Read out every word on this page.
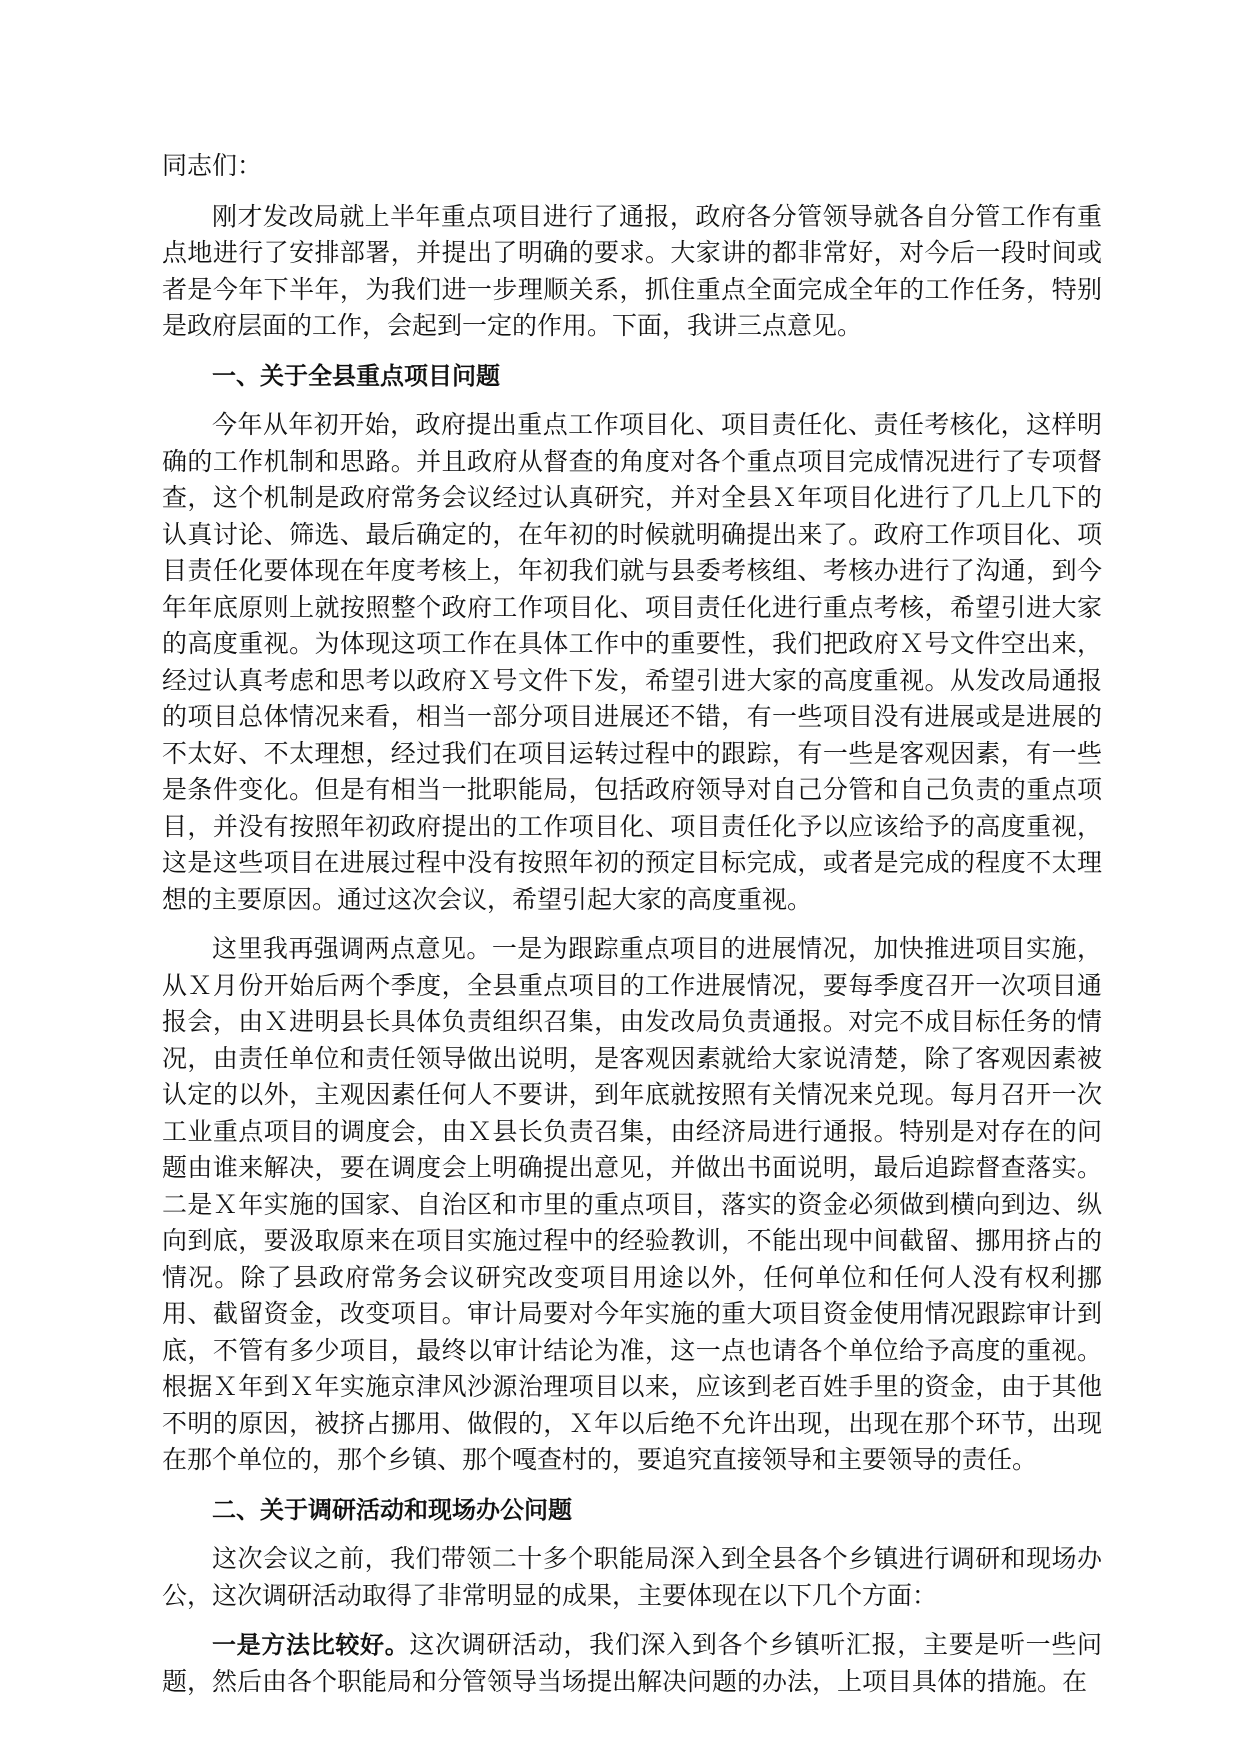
同志们：

刚才发改局就上半年重点项目进行了通报，政府各分管领导就各自分管工作有重点地进行了安排部署，并提出了明确的要求。大家讲的都非常好，对今后一段时间或者是今年下半年，为我们进一步理顺关系，抓住重点全面完成全年的工作任务，特别是政府层面的工作，会起到一定的作用。下面，我讲三点意见。

一、关于全县重点项目问题

今年从年初开始，政府提出重点工作项目化、项目责任化、责任考核化，这样明确的工作机制和思路。并且政府从督查的角度对各个重点项目完成情况进行了专项督查，这个机制是政府常务会议经过认真研究，并对全县Ｘ年项目化进行了几上几下的认真讨论、筛选、最后确定的，在年初的时候就明确提出来了。政府工作项目化、项目责任化要体现在年度考核上，年初我们就与县委考核组、考核办进行了沟通，到今年年底原则上就按照整个政府工作项目化、项目责任化进行重点考核，希望引进大家的高度重视。为体现这项工作在具体工作中的重要性，我们把政府Ｘ号文件空出来，经过认真考虑和思考以政府Ｘ号文件下发，希望引进大家的高度重视。从发改局通报的项目总体情况来看，相当一部分项目进展还不错，有一些项目没有进展或是进展的不太好、不太理想，经过我们在项目运转过程中的跟踪，有一些是客观因素，有一些是条件变化。但是有相当一批职能局，包括政府领导对自己分管和自己负责的重点项目，并没有按照年初政府提出的工作项目化、项目责任化予以应该给予的高度重视，这是这些项目在进展过程中没有按照年初的预定目标完成，或者是完成的程度不太理想的主要原因。通过这次会议，希望引起大家的高度重视。

这里我再强调两点意见。一是为跟踪重点项目的进展情况，加快推进项目实施，从Ｘ月份开始后两个季度，全县重点项目的工作进展情况，要每季度召开一次项目通报会，由Ｘ进明县长具体负责组织召集，由发改局负责通报。对完不成目标任务的情况，由责任单位和责任领导做出说明，是客观因素就给大家说清楚，除了客观因素被认定的以外，主观因素任何人不要讲，到年底就按照有关情况来兑现。每月召开一次工业重点项目的调度会，由Ｘ县长负责召集，由经济局进行通报。特别是对存在的问题由谁来解决，要在调度会上明确提出意见，并做出书面说明，最后追踪督查落实。二是Ｘ年实施的国家、自治区和市里的重点项目，落实的资金必须做到横向到边、纵向到底，要汲取原来在项目实施过程中的经验教训，不能出现中间截留、挪用挤占的情况。除了县政府常务会议研究改变项目用途以外，任何单位和任何人没有权利挪用、截留资金，改变项目。审计局要对今年实施的重大项目资金使用情况跟踪审计到底，不管有多少项目，最终以审计结论为准，这一点也请各个单位给予高度的重视。根据Ｘ年到Ｘ年实施京津风沙源治理项目以来，应该到老百姓手里的资金，由于其他不明的原因，被挤占挪用、做假的，Ｘ年以后绝不允许出现，出现在那个环节，出现在那个单位的，那个乡镇、那个嘎查村的，要追究直接领导和主要领导的责任。

二、关于调研活动和现场办公问题

这次会议之前，我们带领二十多个职能局深入到全县各个乡镇进行调研和现场办公，这次调研活动取得了非常明显的成果，主要体现在以下几个方面：

一是方法比较好。这次调研活动，我们深入到各个乡镇听汇报，主要是听一些问题，然后由各个职能局和分管领导当场提出解决问题的办法，上项目具体的措施。在
